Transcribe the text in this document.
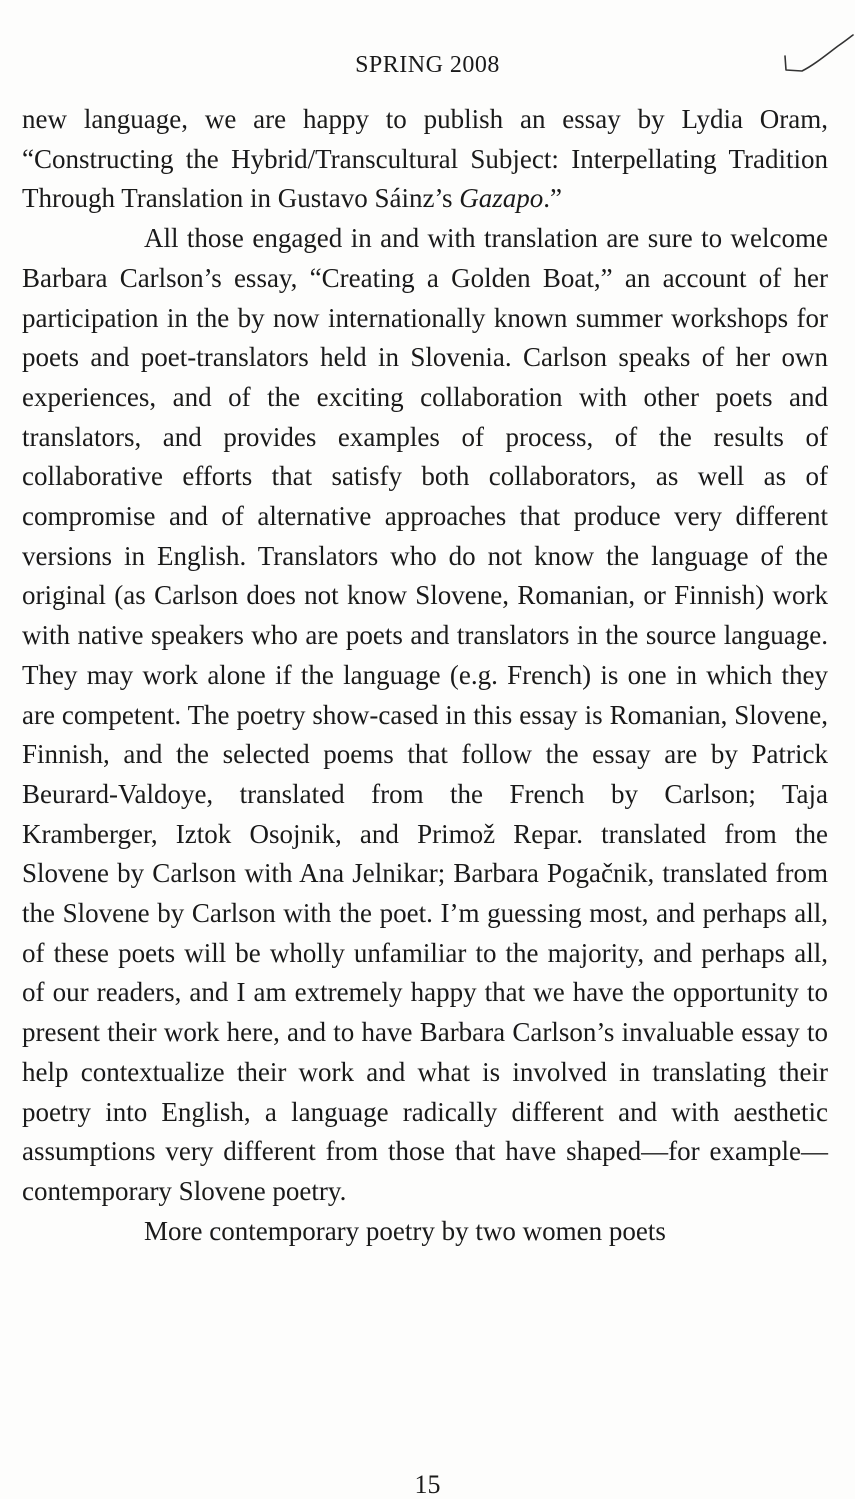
SPRING 2008

new language, we are happy to publish an essay by Lydia Oram, “Constructing the Hybrid/Transcultural Subject: Interpellating Tradition Through Translation in Gustavo Sáinz’s Gazapo.”

All those engaged in and with translation are sure to welcome Barbara Carlson’s essay, “Creating a Golden Boat,” an account of her participation in the by now internationally known summer workshops for poets and poet-translators held in Slovenia. Carlson speaks of her own experiences, and of the exciting collaboration with other poets and translators, and provides examples of process, of the results of collaborative efforts that satisfy both collaborators, as well as of compromise and of alternative approaches that produce very different versions in English. Translators who do not know the language of the original (as Carlson does not know Slovene, Romanian, or Finnish) work with native speakers who are poets and translators in the source language. They may work alone if the language (e.g. French) is one in which they are competent. The poetry show-cased in this essay is Romanian, Slovene, Finnish, and the selected poems that follow the essay are by Patrick Beurard-Valdoye, translated from the French by Carlson; Taja Kramberger, Iztok Osojnik, and Primož Repar. translated from the Slovene by Carlson with Ana Jelnikar; Barbara Pogačnik, translated from the Slovene by Carlson with the poet. I’m guessing most, and perhaps all, of these poets will be wholly unfamiliar to the majority, and perhaps all, of our readers, and I am extremely happy that we have the opportunity to present their work here, and to have Barbara Carlson’s invaluable essay to help contextualize their work and what is involved in translating their poetry into English, a language radically different and with aesthetic assumptions very different from those that have shaped—for example—contemporary Slovene poetry.

More contemporary poetry by two women poets

15
